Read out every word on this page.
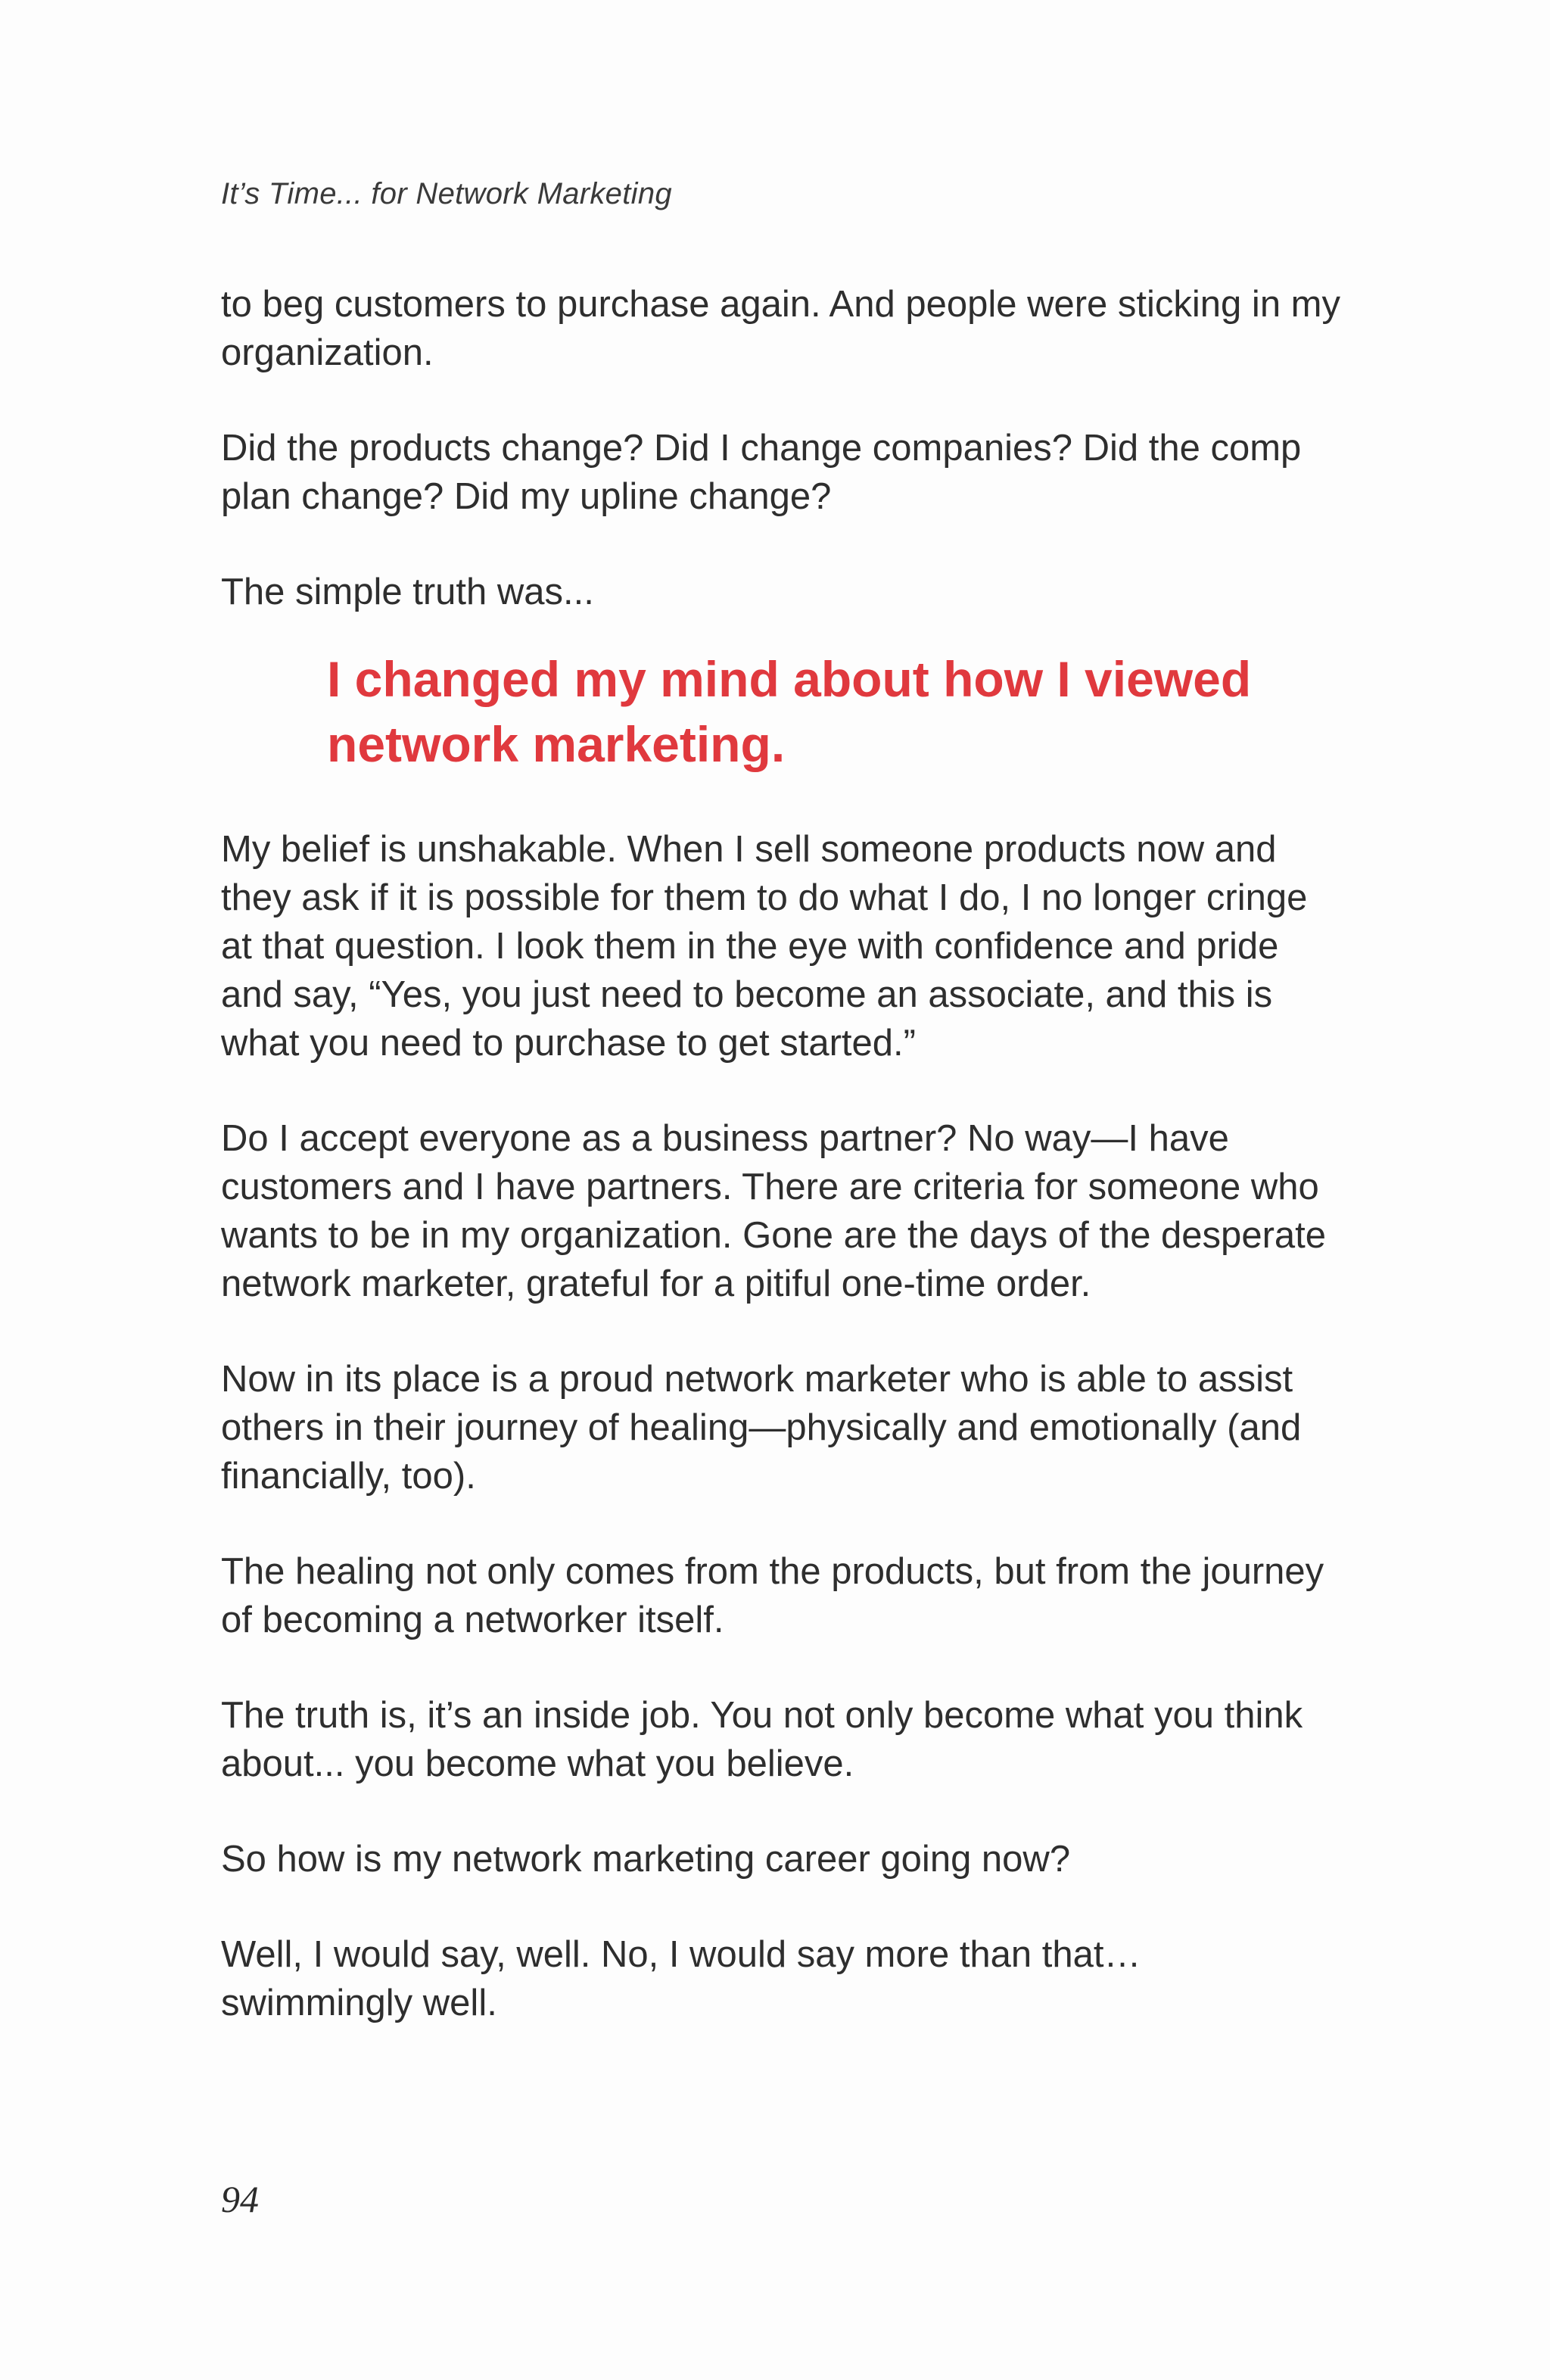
It’s Time... for Network Marketing

to beg customers to purchase again. And people were sticking in my organization.

Did the products change? Did I change companies? Did the comp plan change? Did my upline change?

The simple truth was...

I changed my mind about how I viewed network marketing.

My belief is unshakable. When I sell someone products now and they ask if it is possible for them to do what I do, I no longer cringe at that question. I look them in the eye with confidence and pride and say, “Yes, you just need to become an associate, and this is what you need to purchase to get started.”

Do I accept everyone as a business partner? No way—I have customers and I have partners. There are criteria for someone who wants to be in my organization. Gone are the days of the desperate network marketer, grateful for a pitiful one-time order.

Now in its place is a proud network marketer who is able to assist others in their journey of healing—physically and emotionally (and financially, too).

The healing not only comes from the products, but from the journey of becoming a networker itself.

The truth is, it’s an inside job. You not only become what you think about... you become what you believe.

So how is my network marketing career going now?

Well, I would say, well. No, I would say more than that… swimmingly well.

94
